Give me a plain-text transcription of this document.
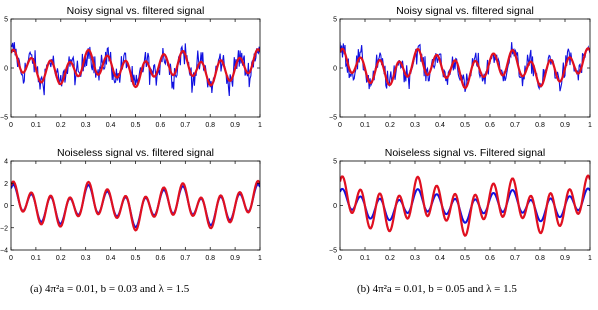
Noisy signal vs. filtered signal
0	0.1 0.2 0.3 0.4 0.5 0.6 0.7 0.8 0.9	1
−5
0
5
Noisy signal vs. filtered signal
0	0.1 0.2 0.3 0.4 0.5 0.6 0.7 0.8 0.9	1
−5
0
5
Noiseless signal vs. filtered signal
0	0.1 0.2 0.3 0.4 0.5 0.6 0.7 0.8 0.9	1
−4
−2
0
2
4
Noiseless signal vs. Filtered signal
0	0.1 0.2 0.3 0.4 0.5 0.6 0.7 0.8 0.9	1
−5
0
5
(a) 4π²a = 0.01, b = 0.03 and λ = 1.5	(b) 4π²a = 0.01, b = 0.05 and λ = 1.5
